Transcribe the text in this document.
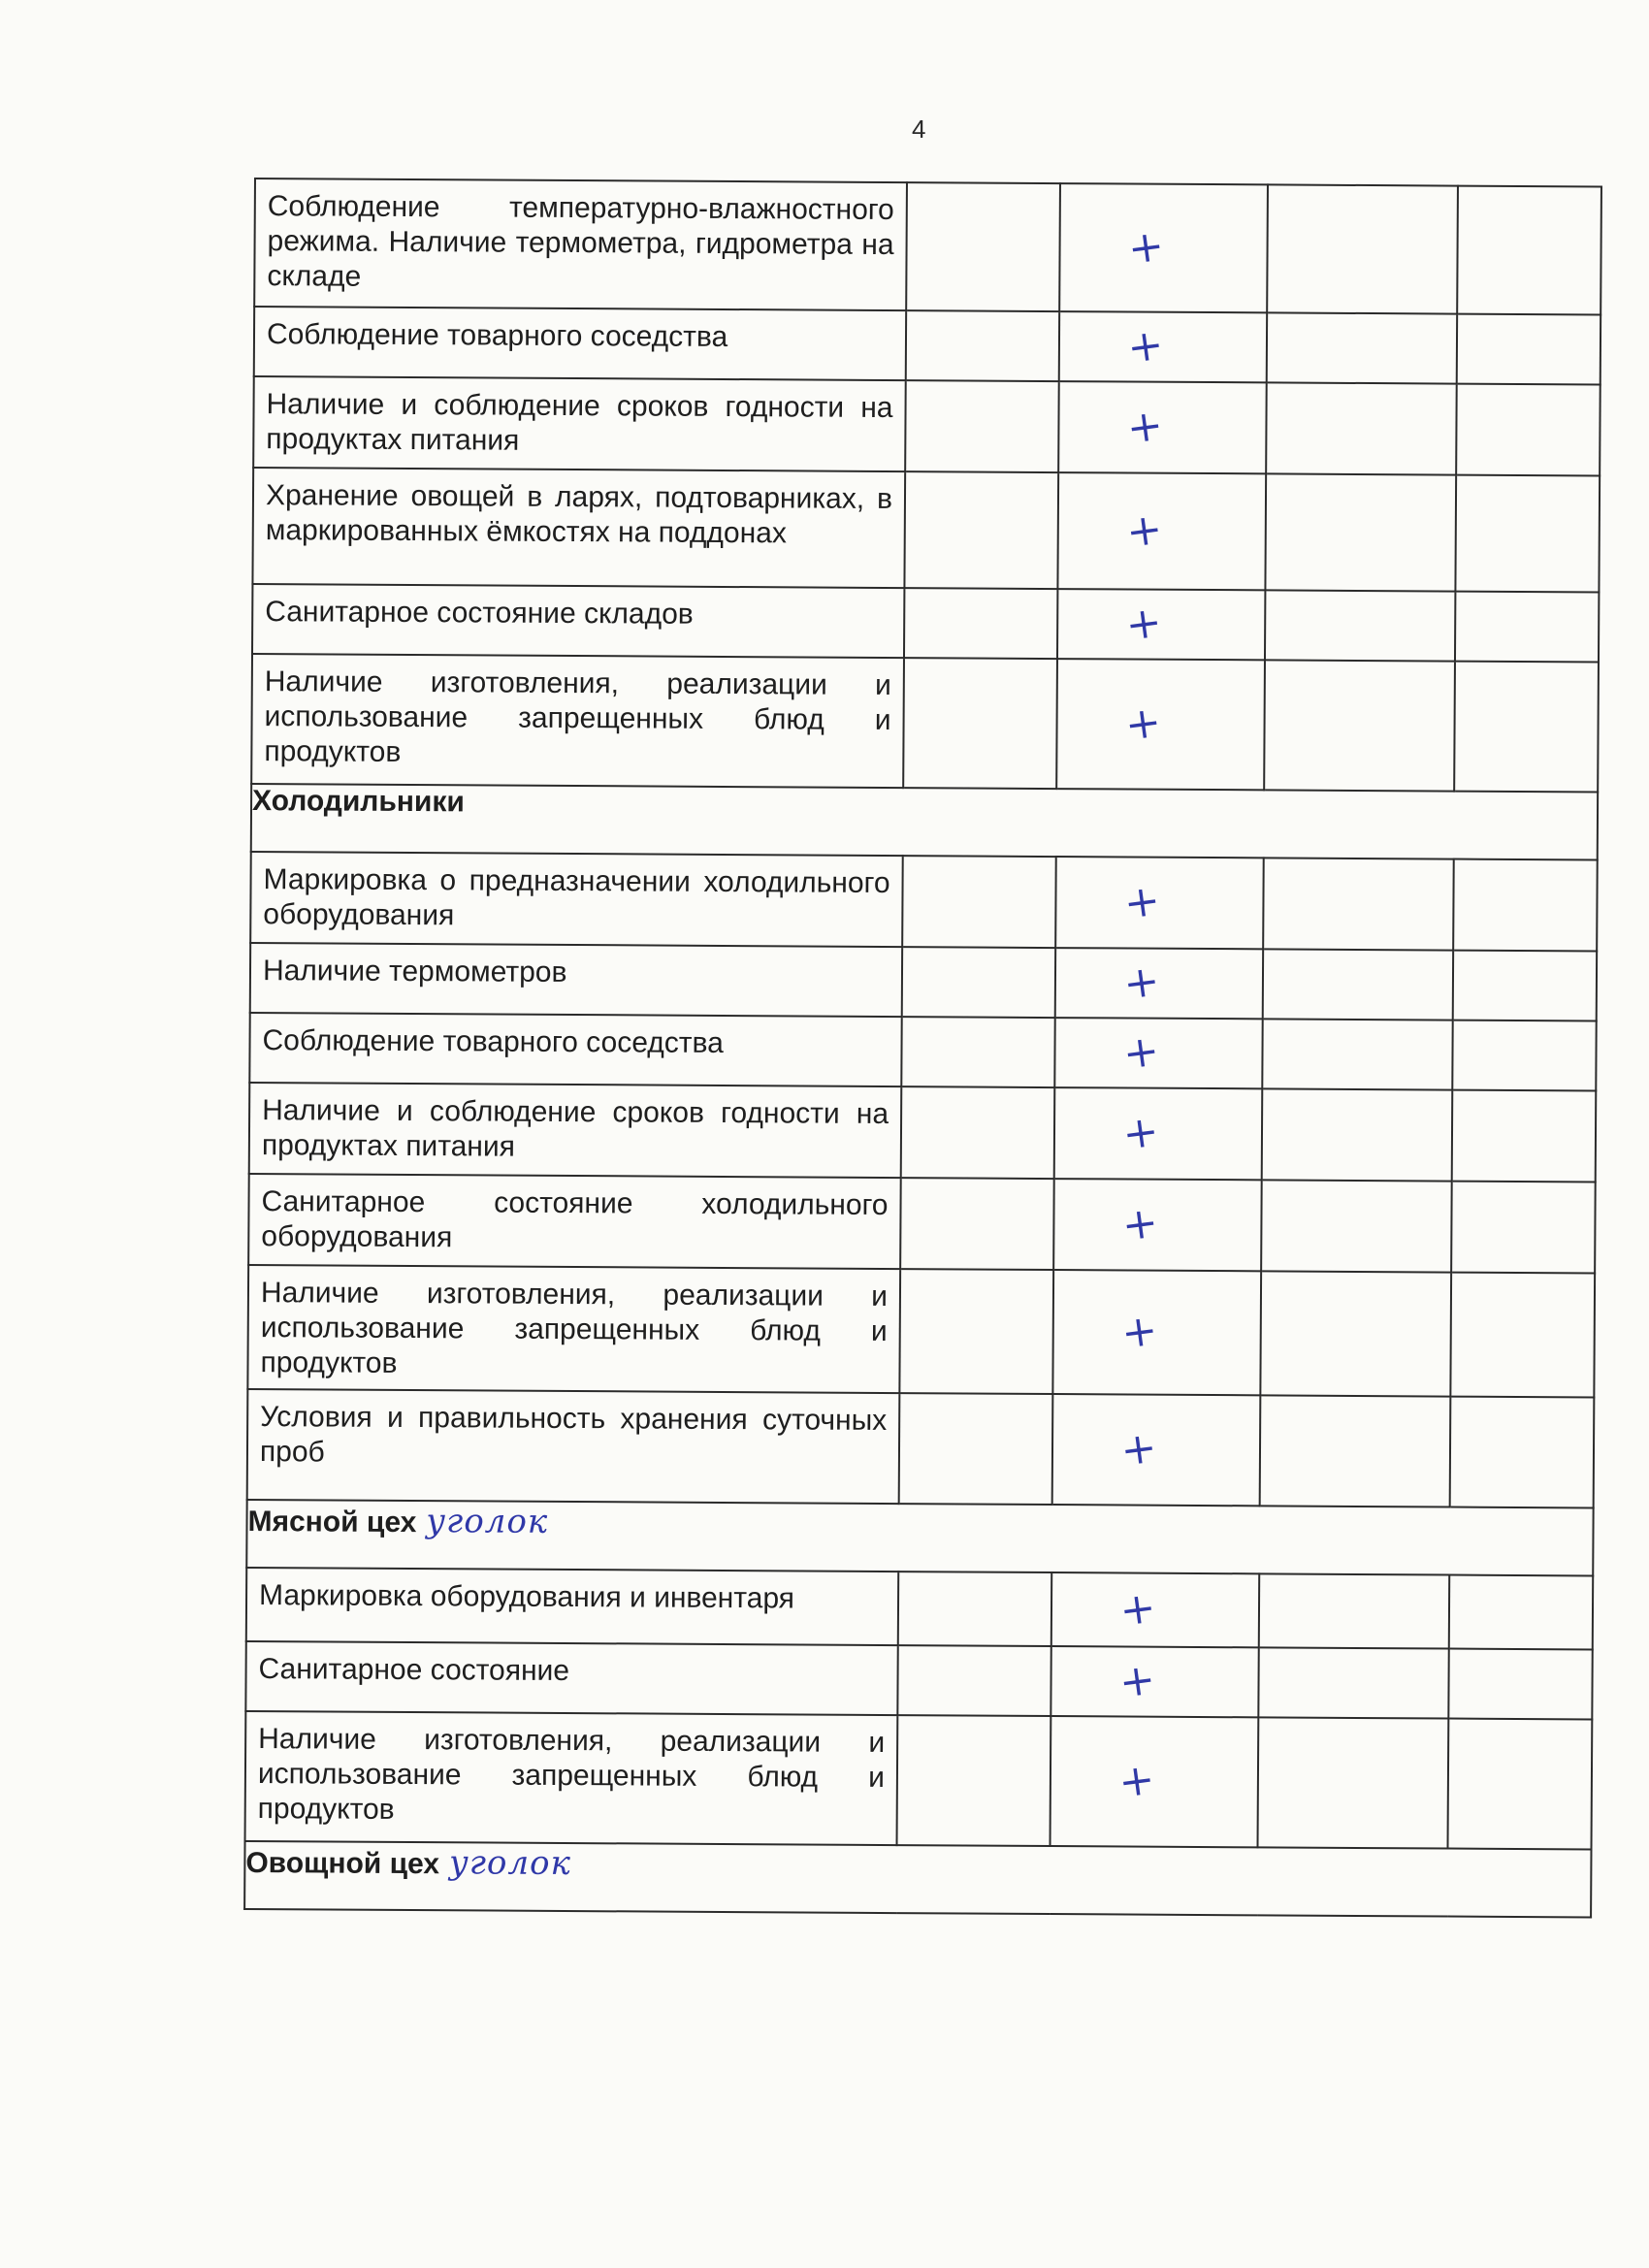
4
Соблюдение температурно-влажностного режима. Наличие термометра, гидрометра на складе		+		

Соблюдение товарного соседства		+		

Наличие и соблюдение сроков годности на продуктах питания		+		

Хранение овощей в ларях, подтоварниках, в маркированных ёмкостях на поддонах		+		

Санитарное состояние складов		+		

Наличие изготовления, реализации и использование запрещенных блюд и продуктов		+		

Холодильники				

Маркировка о предназначении холодильного оборудования		+		

Наличие термометров		+		

Соблюдение товарного соседства		+		

Наличие и соблюдение сроков годности на продуктах питания		+		

Санитарное состояние холодильного оборудования		+		

Наличие изготовления, реализации и использование запрещенных блюд и продуктов		+		

Условия и правильность хранения суточных проб		+		

Мясной цех уголок				

Маркировка оборудования и инвентаря		+		

Санитарное состояние		+		

Наличие изготовления, реализации и использование запрещенных блюд и продуктов		+		

Овощной цех уголок				
